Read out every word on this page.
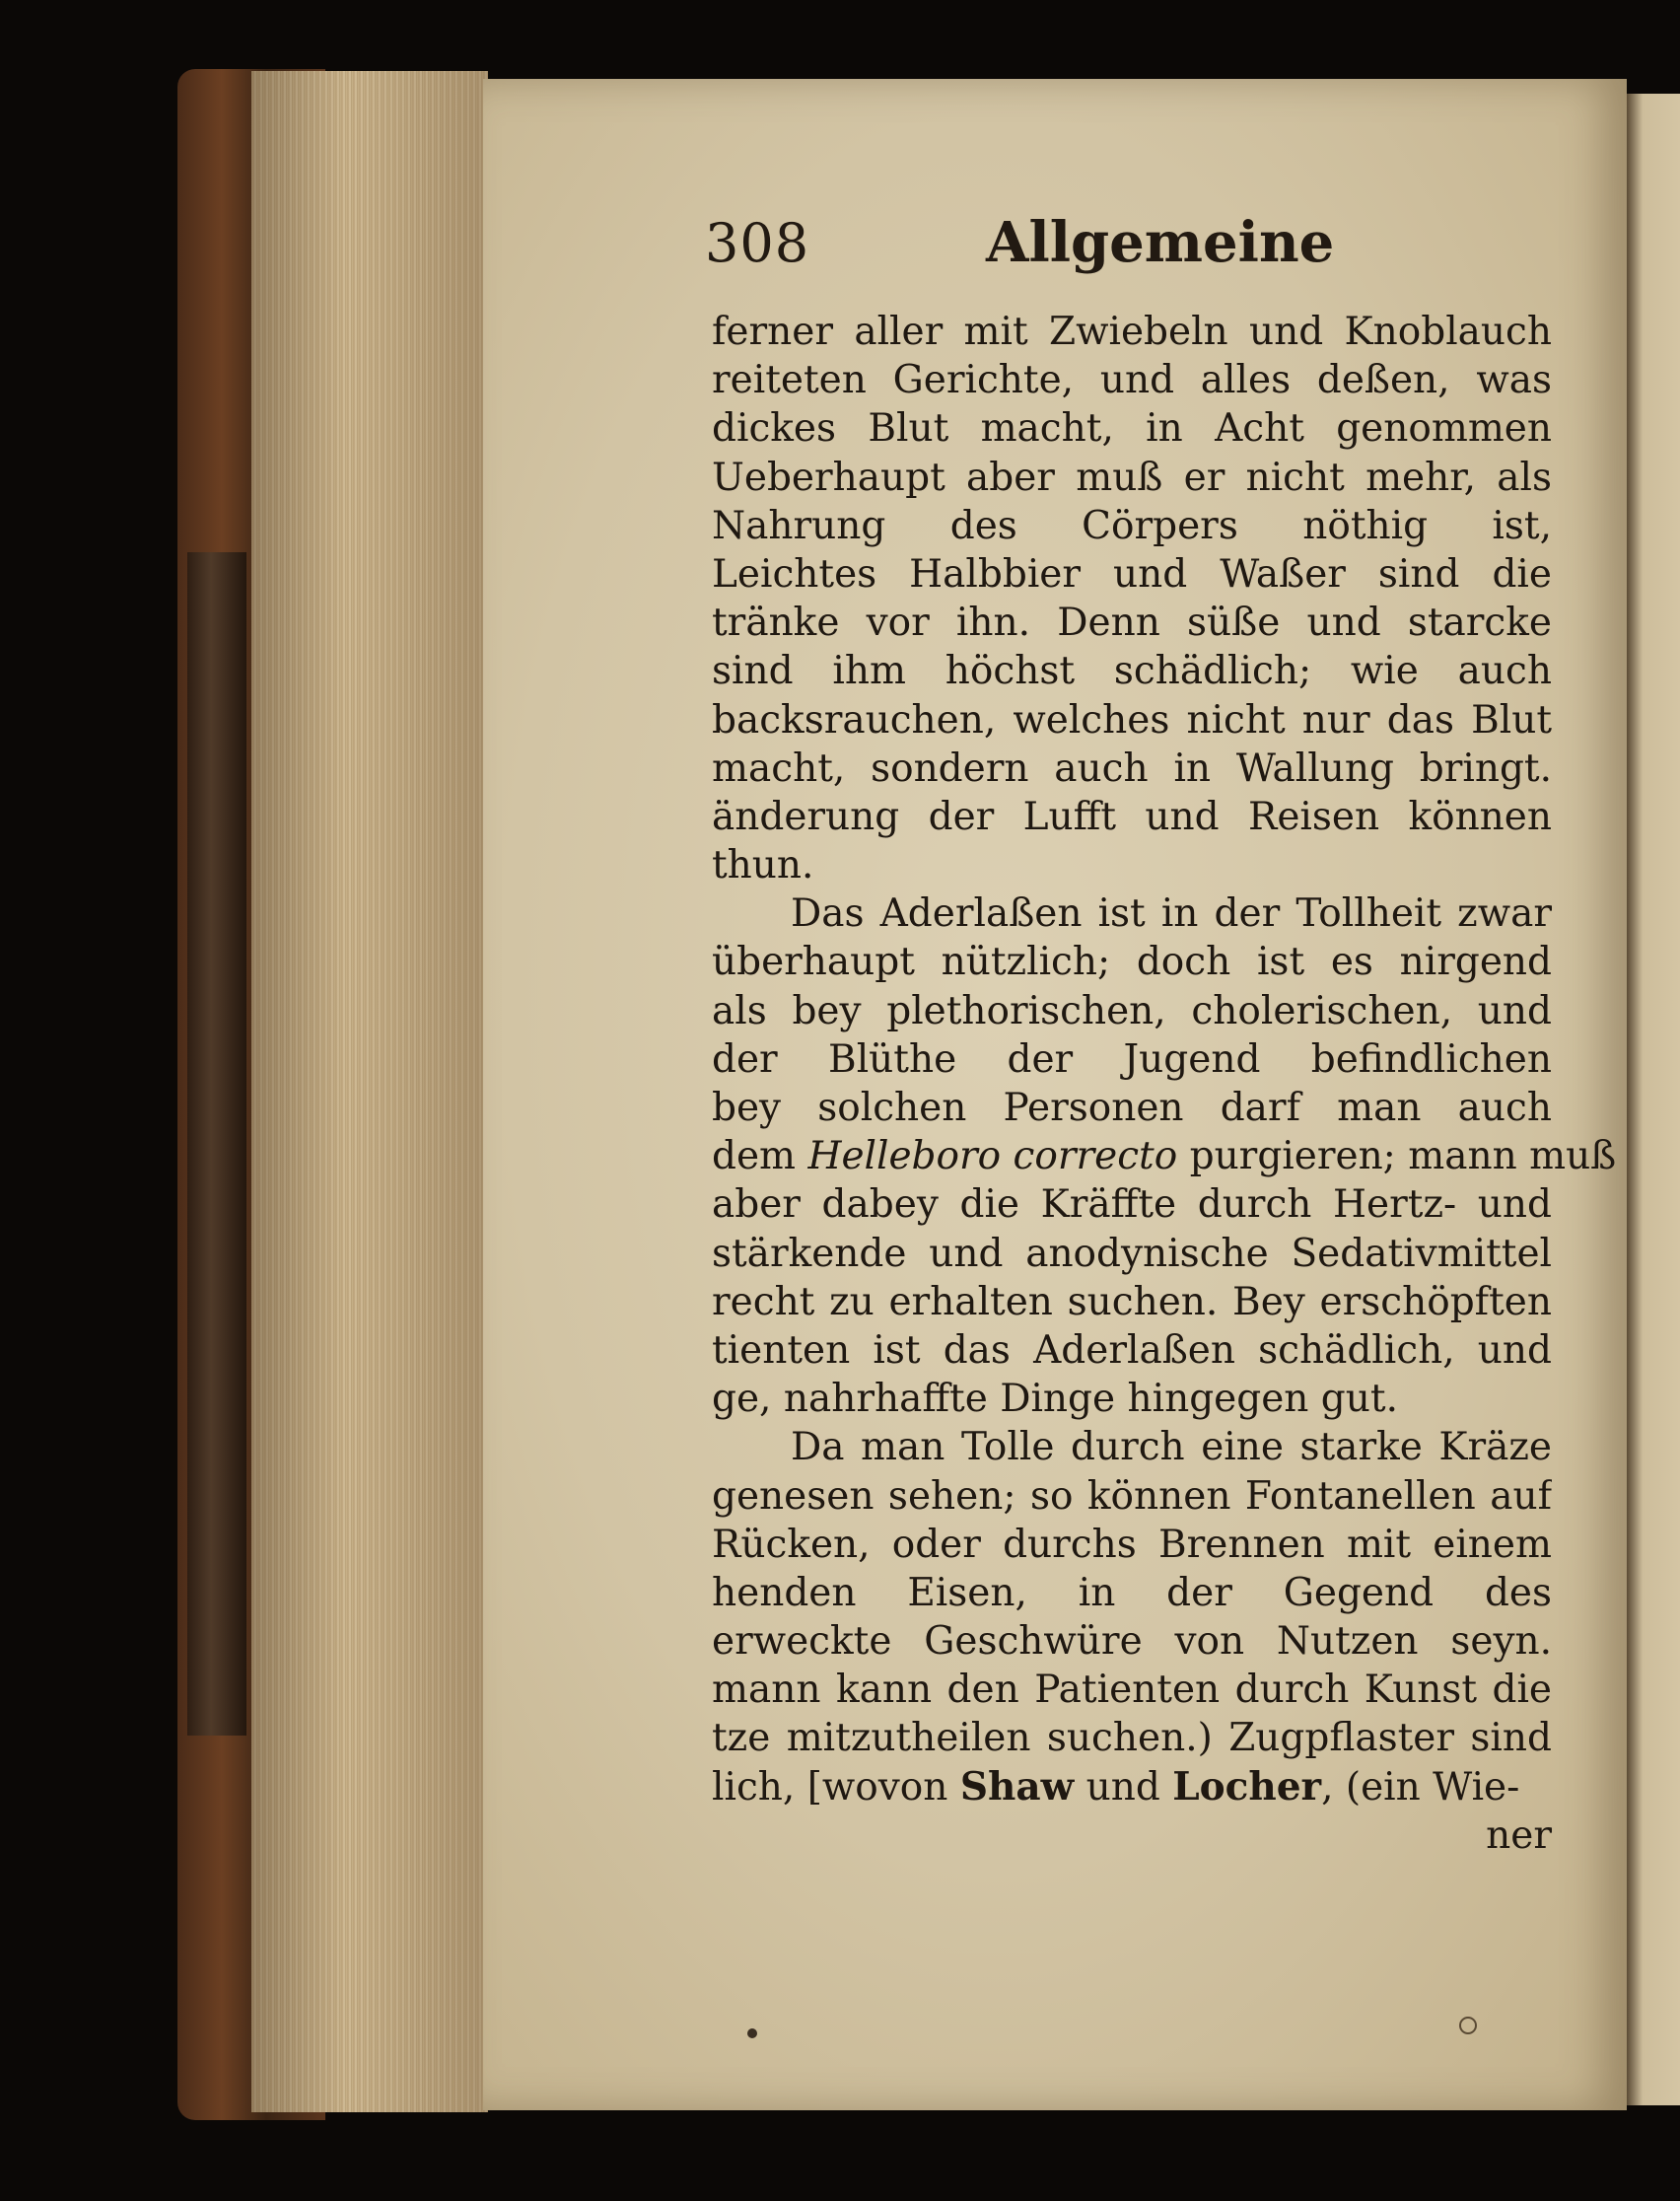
308	Allgemeine
ferner aller mit Zwiebeln und Knoblauch
reiteten Gerichte, und alles deßen, was
dickes Blut macht, in Acht genommen
Ueberhaupt aber muß er nicht mehr, als
Nahrung des Cörpers nöthig ist,
Leichtes Halbbier und Waßer sind die
tränke vor ihn. Denn süße und starcke
sind ihm höchst schädlich; wie auch
backsrauchen, welches nicht nur das Blut
macht, sondern auch in Wallung bringt.
änderung der Lufft und Reisen können
thun.
Das Aderlaßen ist in der Tollheit zwar
überhaupt nützlich; doch ist es nirgend
als bey plethorischen, cholerischen, und
der Blüthe der Jugend befindlichen
bey solchen Personen darf man auch
dem Helleboro correcto purgieren; mann muß
aber dabey die Kräffte durch Hertz- und
stärkende und anodynische Sedativmittel
recht zu erhalten suchen. Bey erschöpften
tienten ist das Aderlaßen schädlich, und
ge, nahrhaffte Dinge hingegen gut.
Da man Tolle durch eine starke Kräze
genesen sehen; so können Fontanellen auf
Rücken, oder durchs Brennen mit einem
henden Eisen, in der Gegend des
erweckte Geschwüre von Nutzen seyn.
mann kann den Patienten durch Kunst die
tze mitzutheilen suchen.) Zugpflaster sind
lich, [wovon Shaw und Locher, (ein Wie-
ner
